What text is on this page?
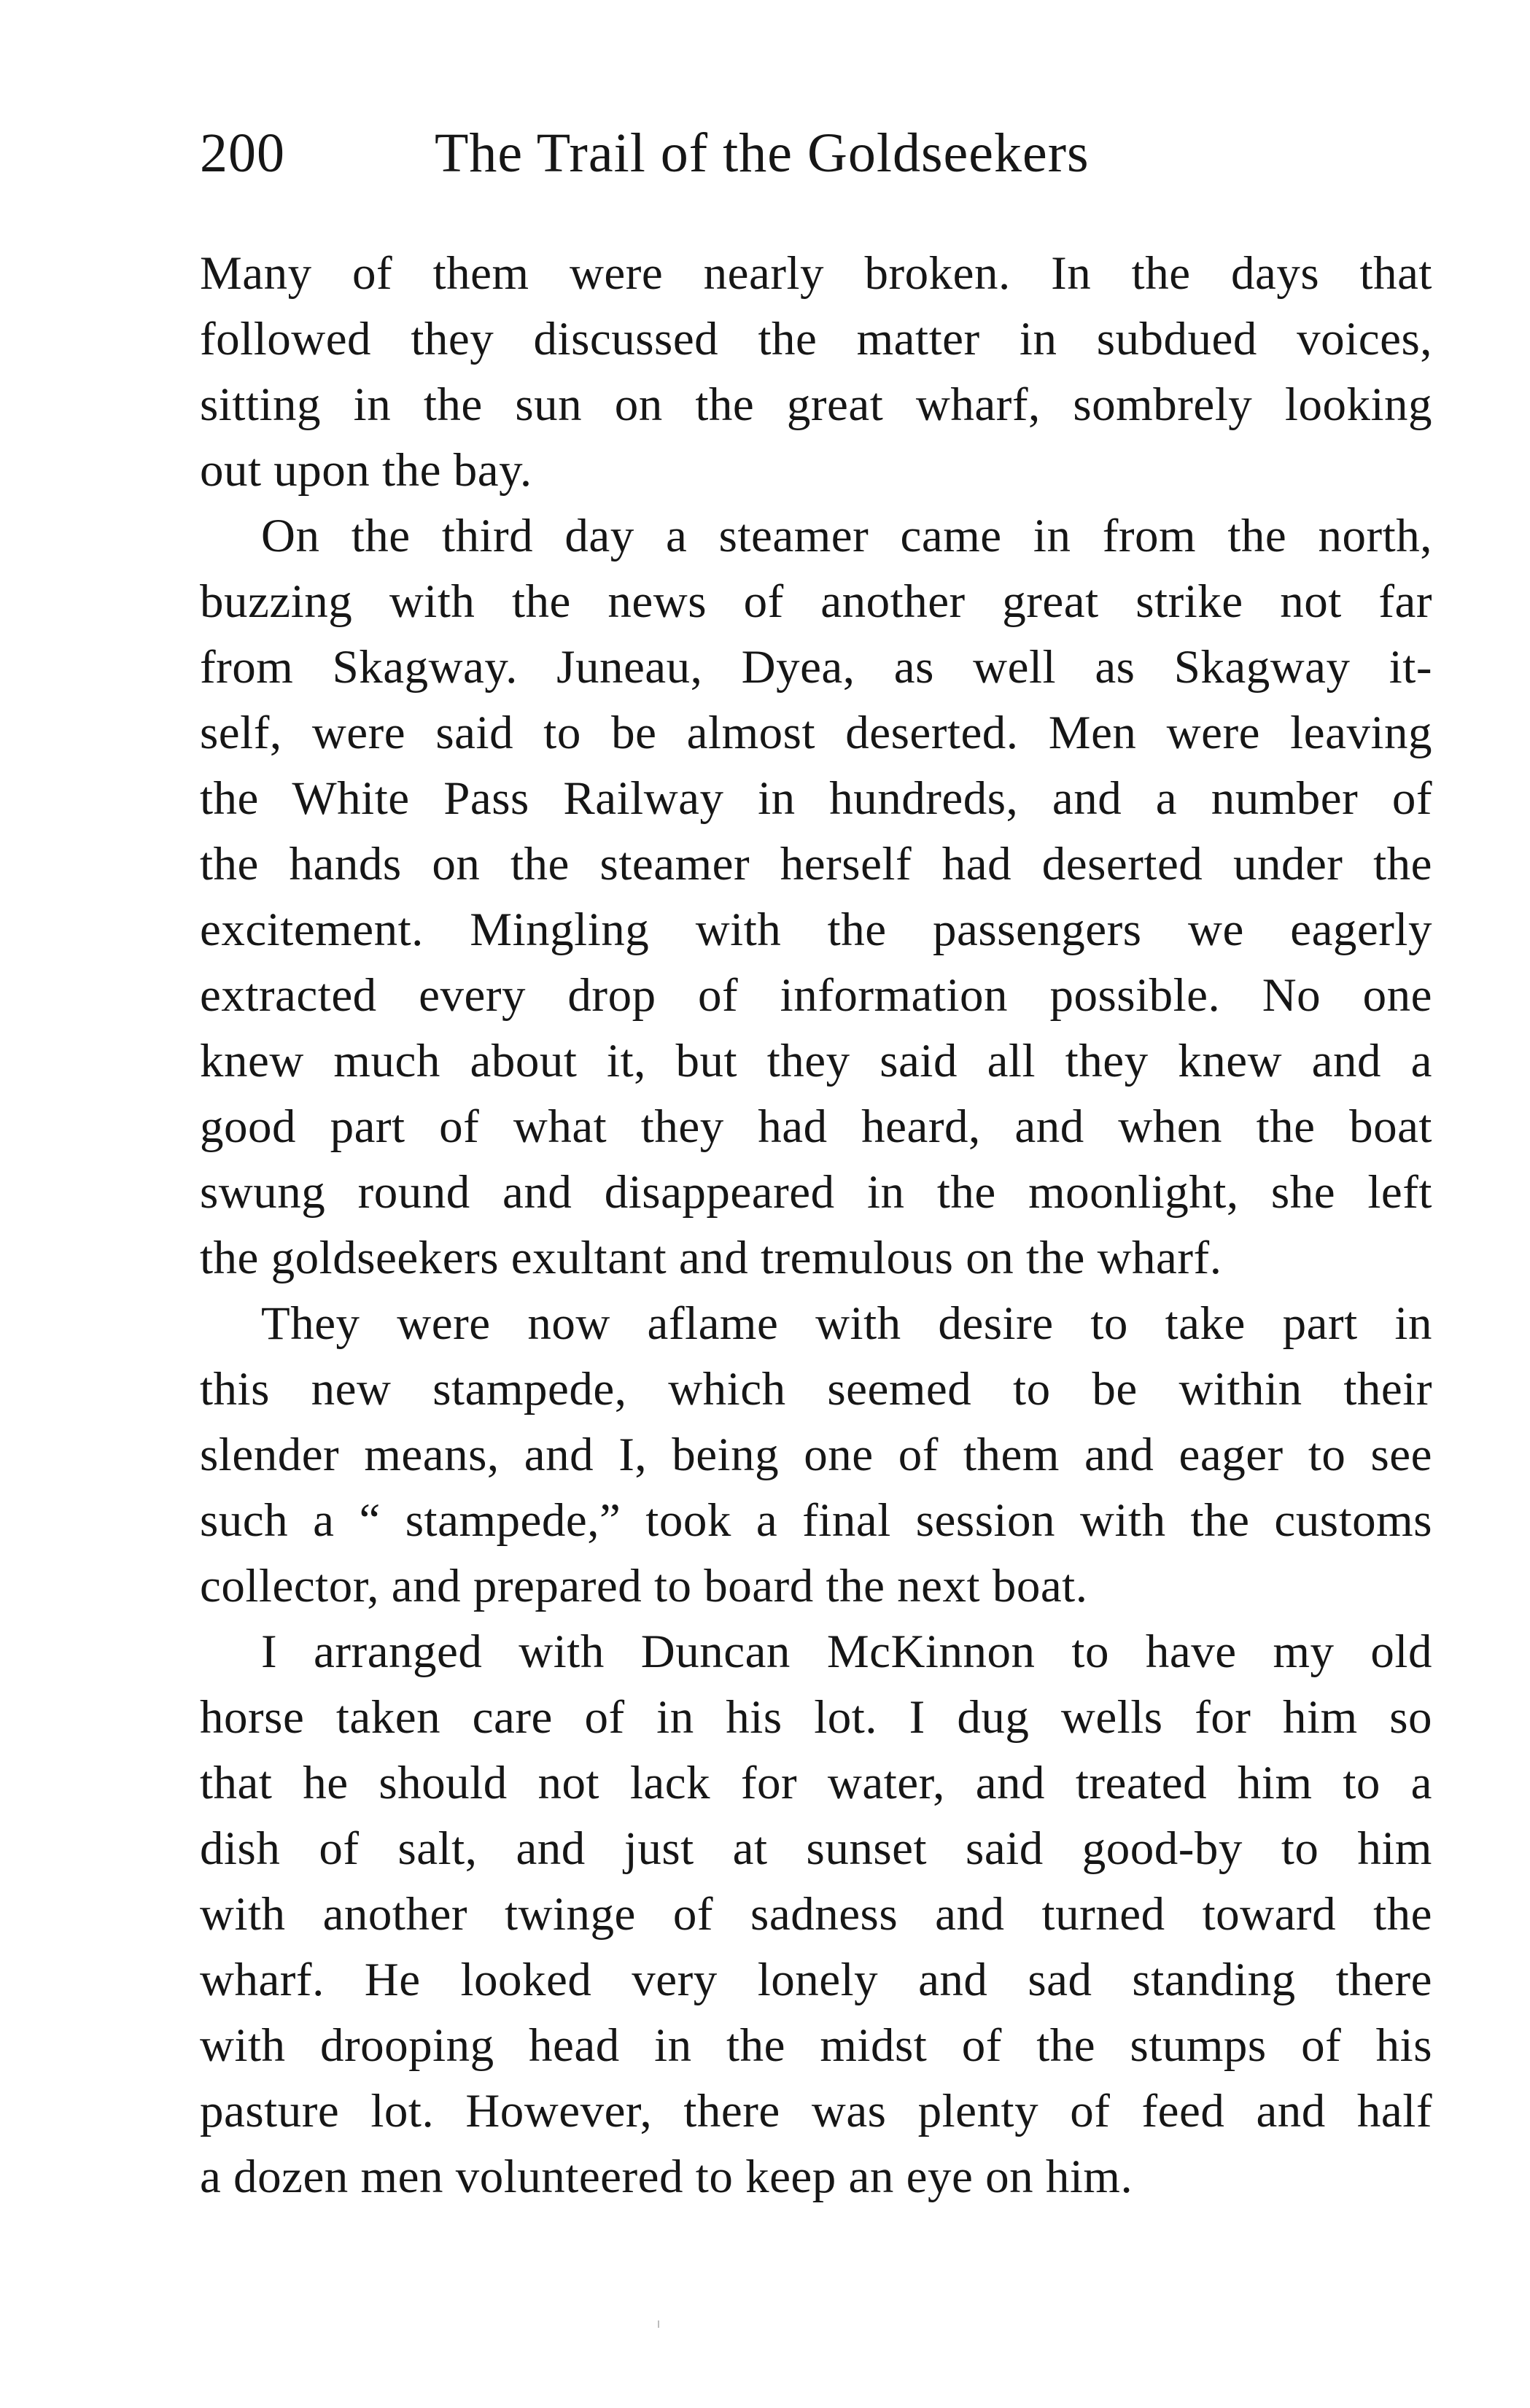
200	The Trail of the Goldseekers
Many of them were nearly broken. In the days that
followed they discussed the matter in subdued voices,
sitting in the sun on the great wharf, sombrely looking
out upon the bay.
On the third day a steamer came in from the north,
buzzing with the news of another great strike not far
from Skagway. Juneau, Dyea, as well as Skagway it-
self, were said to be almost deserted. Men were leaving
the White Pass Railway in hundreds, and a number of
the hands on the steamer herself had deserted under the
excitement. Mingling with the passengers we eagerly
extracted every drop of information possible. No one
knew much about it, but they said all they knew and a
good part of what they had heard, and when the boat
swung round and disappeared in the moonlight, she left
the goldseekers exultant and tremulous on the wharf.
They were now aflame with desire to take part in
this new stampede, which seemed to be within their
slender means, and I, being one of them and eager to see
such a “ stampede,” took a final session with the customs
collector, and prepared to board the next boat.
I arranged with Duncan McKinnon to have my old
horse taken care of in his lot. I dug wells for him so
that he should not lack for water, and treated him to a
dish of salt, and just at sunset said good-by to him
with another twinge of sadness and turned toward the
wharf. He looked very lonely and sad standing there
with drooping head in the midst of the stumps of his
pasture lot. However, there was plenty of feed and half
a dozen men volunteered to keep an eye on him.
